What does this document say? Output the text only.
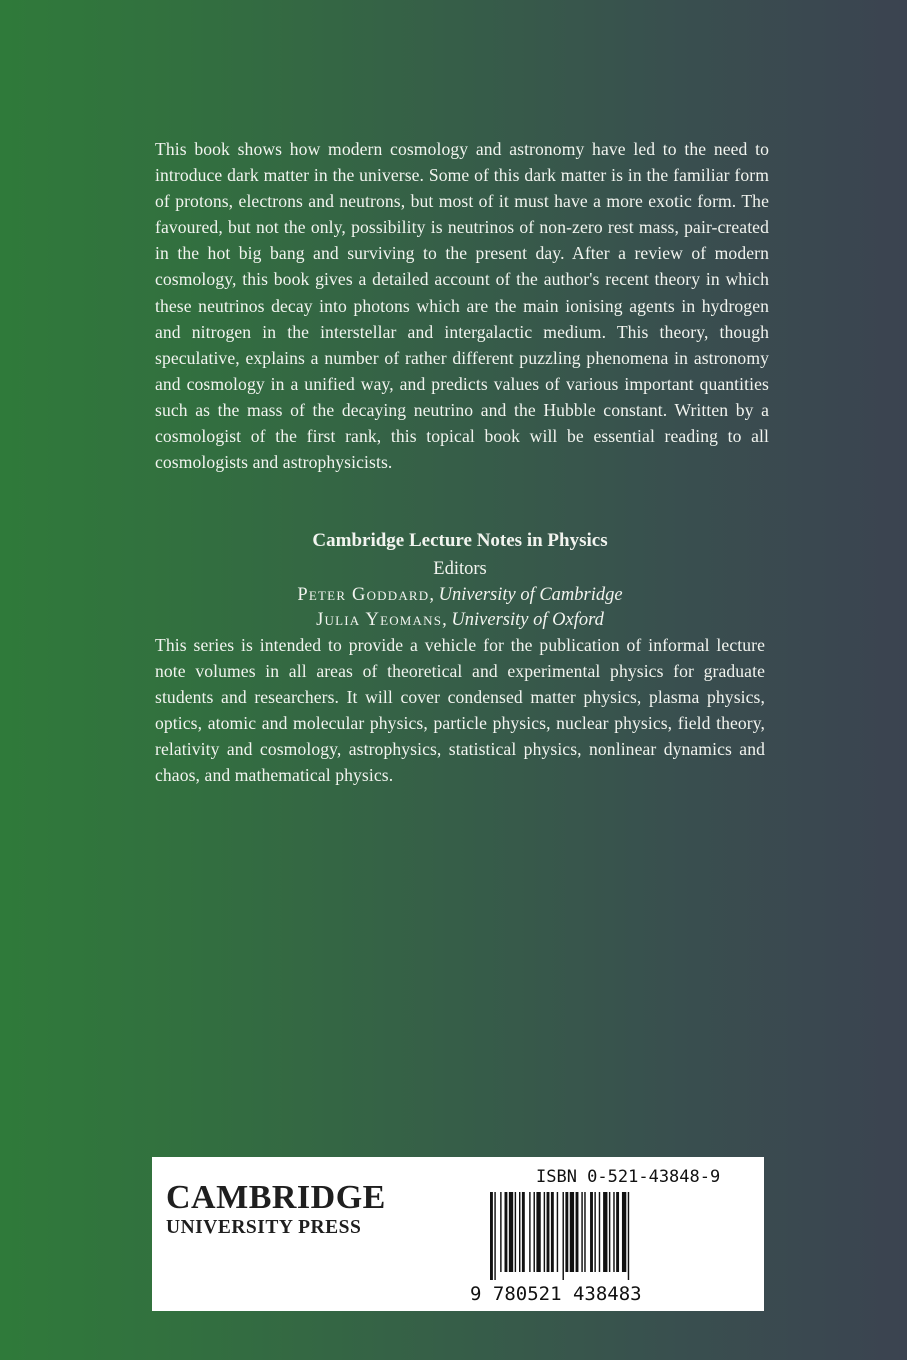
This book shows how modern cosmology and astronomy have led to the need to introduce dark matter in the universe. Some of this dark matter is in the familiar form of protons, electrons and neutrons, but most of it must have a more exotic form. The favoured, but not the only, possibility is neutrinos of non-zero rest mass, pair-created in the hot big bang and surviving to the present day. After a review of modern cosmology, this book gives a detailed account of the author's recent theory in which these neutrinos decay into photons which are the main ionising agents in hydrogen and nitrogen in the interstellar and intergalactic medium. This theory, though speculative, explains a number of rather different puzzling phenomena in astronomy and cosmology in a unified way, and predicts values of various important quantities such as the mass of the decaying neutrino and the Hubble constant. Written by a cosmologist of the first rank, this topical book will be essential reading to all cosmologists and astrophysicists.

Cambridge Lecture Notes in Physics
Editors
Peter Goddard, University of Cambridge
Julia Yeomans, University of Oxford

This series is intended to provide a vehicle for the publication of informal lecture note volumes in all areas of theoretical and experimental physics for graduate students and researchers. It will cover condensed matter physics, plasma physics, optics, atomic and molecular physics, particle physics, nuclear physics, field theory, relativity and cosmology, astrophysics, statistical physics, nonlinear dynamics and chaos, and mathematical physics.

CAMBRIDGE
UNIVERSITY PRESS
ISBN 0-521-43848-9
9 780521 438483
